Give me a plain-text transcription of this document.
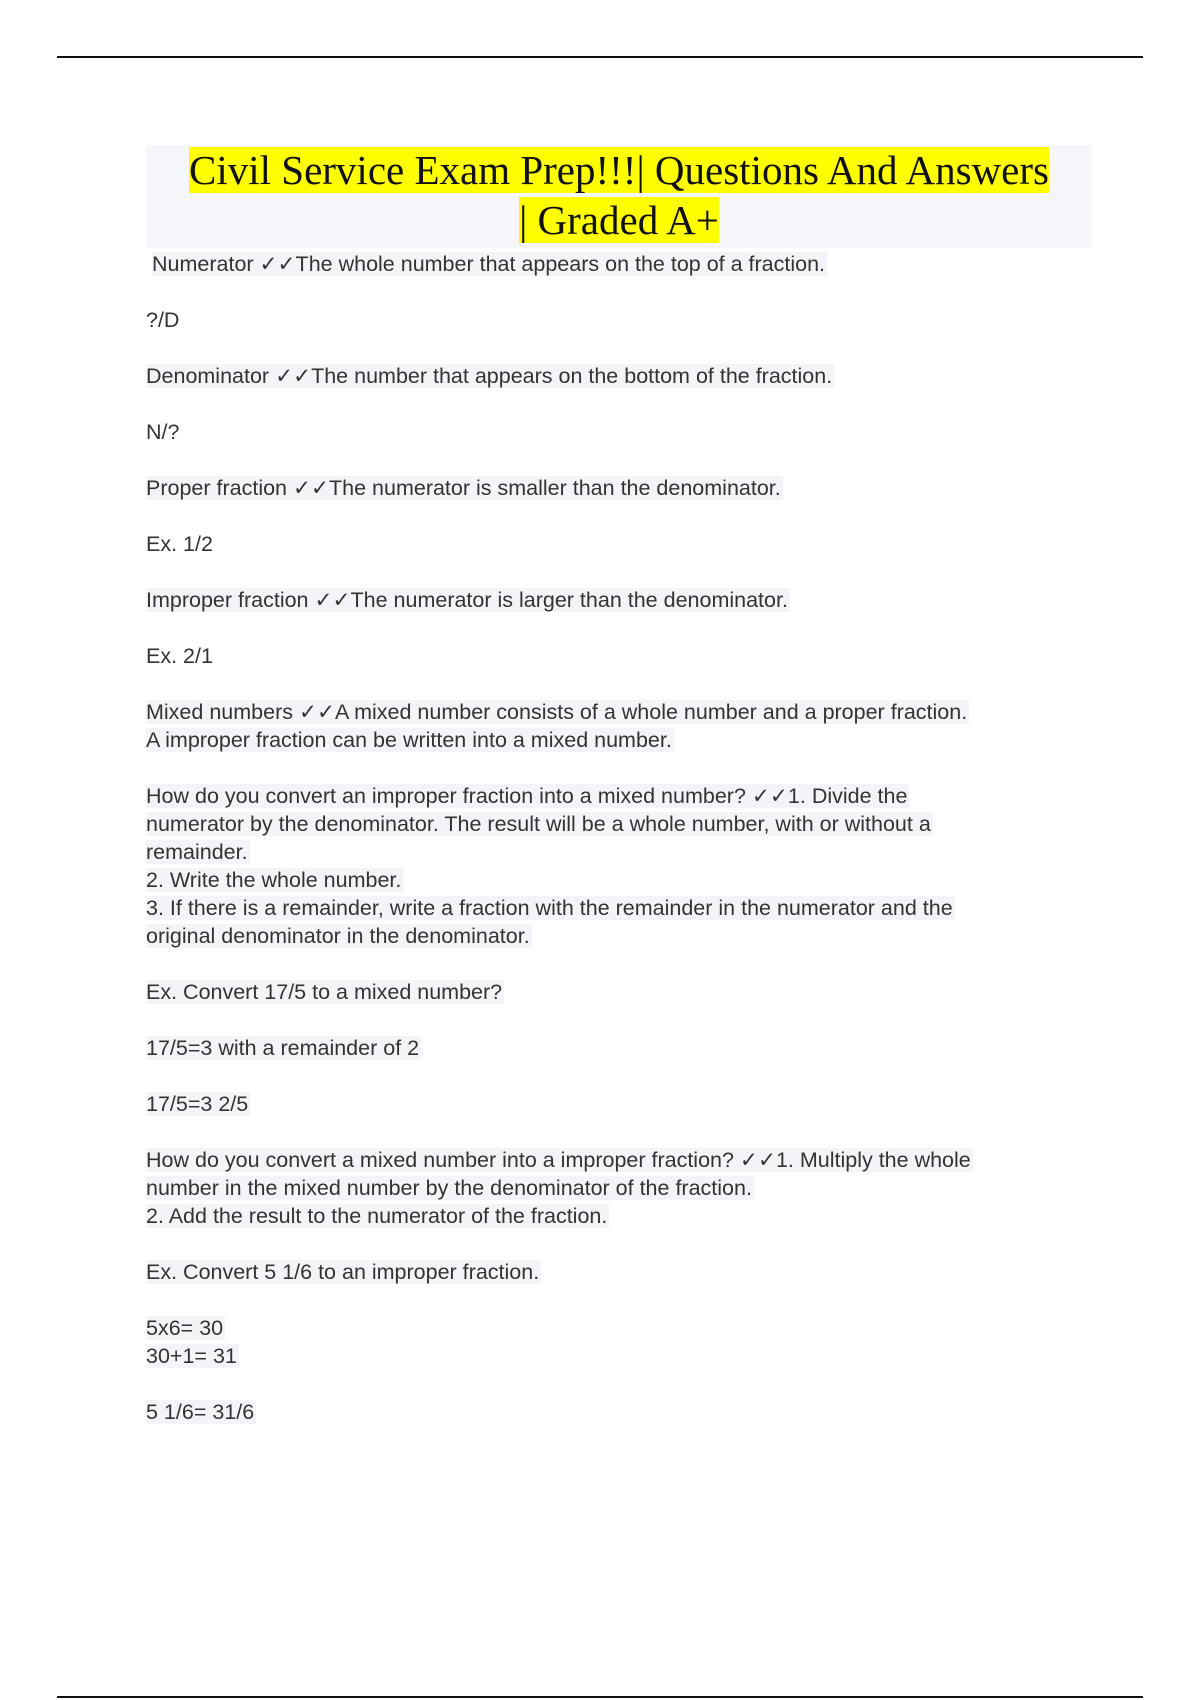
Civil Service Exam Prep!!!| Questions And Answers
| Graded A+

Numerator ✓✓The whole number that appears on the top of a fraction.

?/D

Denominator ✓✓The number that appears on the bottom of the fraction.

N/?

Proper fraction ✓✓The numerator is smaller than the denominator.

Ex. 1/2

Improper fraction ✓✓The numerator is larger than the denominator.

Ex. 2/1

Mixed numbers ✓✓A mixed number consists of a whole number and a proper fraction.

A improper fraction can be written into a mixed number.

How do you convert an improper fraction into a mixed number? ✓✓1. Divide the

numerator by the denominator. The result will be a whole number, with or without a

remainder.

2. Write the whole number.

3. If there is a remainder, write a fraction with the remainder in the numerator and the

original denominator in the denominator.

Ex. Convert 17/5 to a mixed number?

17/5=3 with a remainder of 2

17/5=3 2/5

How do you convert a mixed number into a improper fraction? ✓✓1. Multiply the whole

number in the mixed number by the denominator of the fraction.

2. Add the result to the numerator of the fraction.

Ex. Convert 5 1/6 to an improper fraction.

5x6= 30

30+1= 31

5 1/6= 31/6
